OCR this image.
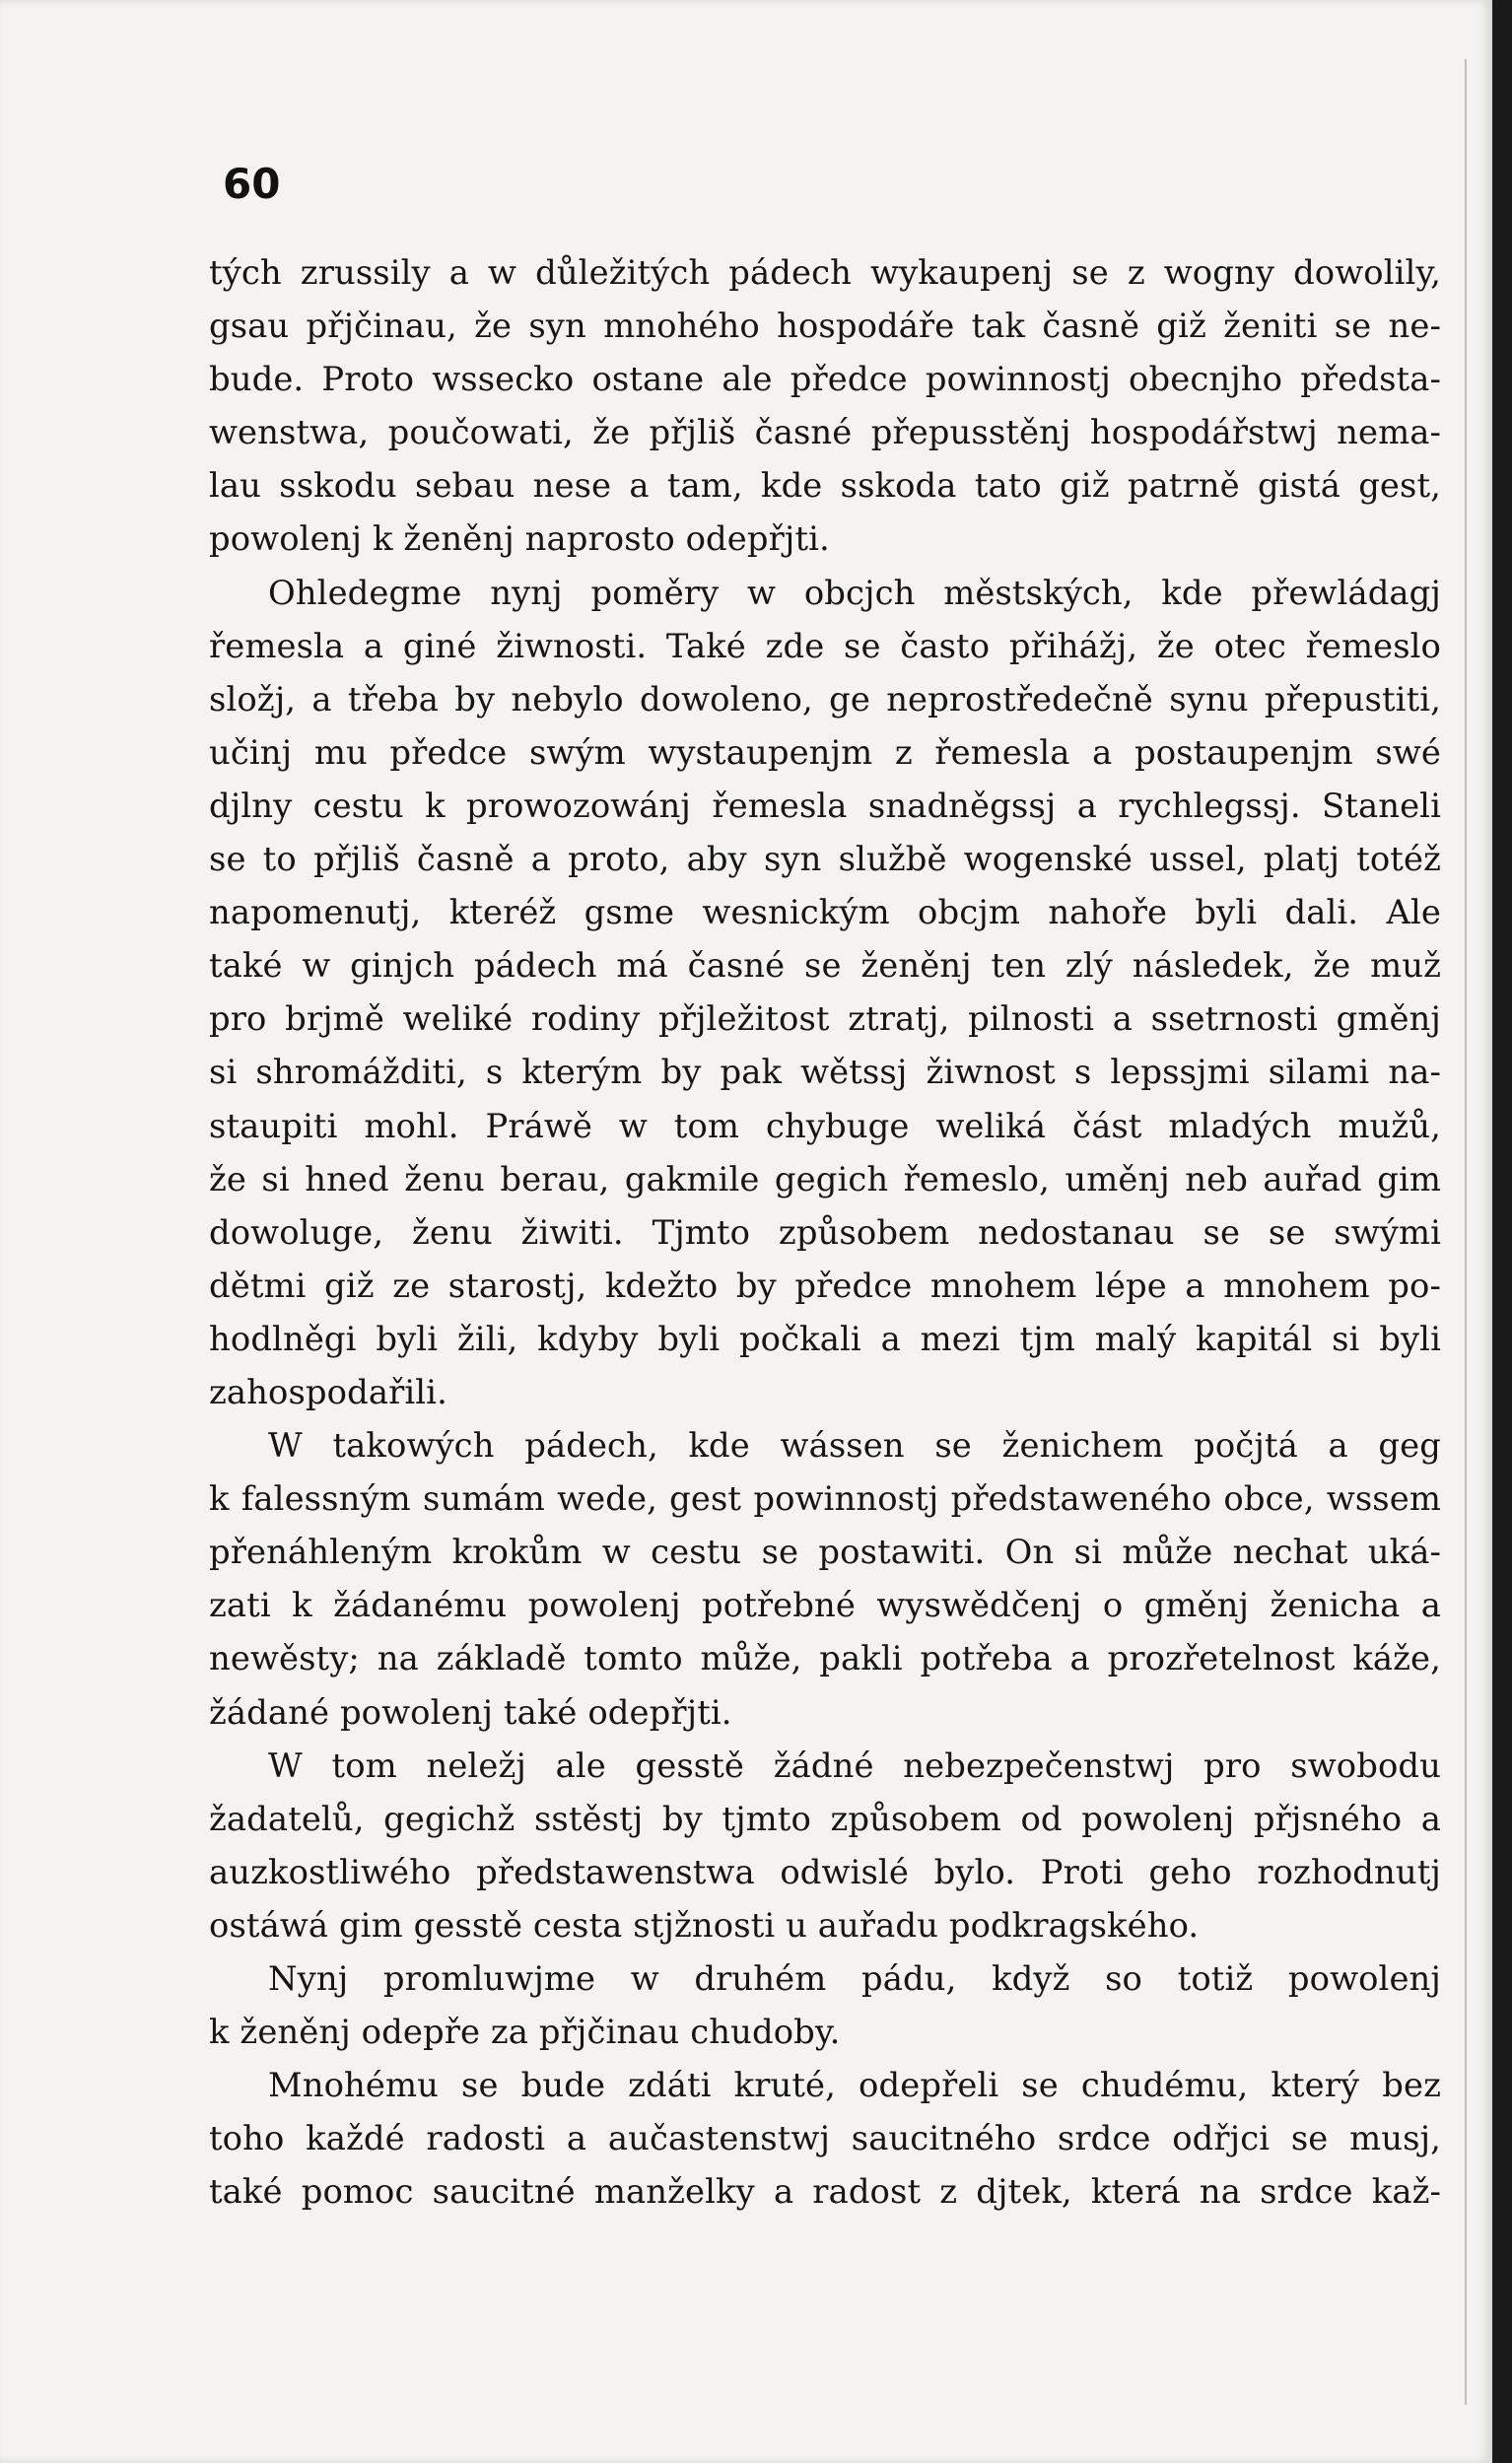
60
tých zrussily a w důležitých pádech wykaupenj se z wogny dowolily,
gsau přjčinau, že syn mnohého hospodáře tak časně giž ženiti se ne-
bude. Proto wssecko ostane ale předce powinnostj obecnjho předsta-
wenstwa, poučowati, že přjliš časné přepusstěnj hospodářstwj nema-
lau sskodu sebau nese a tam, kde sskoda tato giž patrně gistá gest,
powolenj k ženěnj naprosto odepřjti.
Ohledegme nynj poměry w obcjch městských, kde přewládagj
řemesla a giné žiwnosti. Také zde se často přihážj, že otec řemeslo
složj, a třeba by nebylo dowoleno, ge neprostředečně synu přepustiti,
učinj mu předce swým wystaupenjm z řemesla a postaupenjm swé
djlny cestu k prowozowánj řemesla snadněgssj a rychlegssj. Staneli
se to přjliš časně a proto, aby syn službě wogenské ussel, platj totéž
napomenutj, kteréž gsme wesnickým obcjm nahoře byli dali. Ale
také w ginjch pádech má časné se ženěnj ten zlý následek, že muž
pro brjmě weliké rodiny přjležitost ztratj, pilnosti a ssetrnosti gměnj
si shromážditi, s kterým by pak wětssj žiwnost s lepssjmi silami na-
staupiti mohl. Práwě w tom chybuge weliká část mladých mužů,
že si hned ženu berau, gakmile gegich řemeslo, uměnj neb auřad gim
dowoluge, ženu žiwiti. Tjmto způsobem nedostanau se se swými
dětmi giž ze starostj, kdežto by předce mnohem lépe a mnohem po-
hodlněgi byli žili, kdyby byli počkali a mezi tjm malý kapitál si byli
zahospodařili.
W takowých pádech, kde wássen se ženichem počjtá a geg
k falessným sumám wede, gest powinnostj předstaweného obce, wssem
přenáhleným krokům w cestu se postawiti. On si může nechat uká-
zati k žádanému powolenj potřebné wyswědčenj o gměnj ženicha a
newěsty; na základě tomto může, pakli potřeba a prozřetelnost káže,
žádané powolenj také odepřjti.
W tom neležj ale gesstě žádné nebezpečenstwj pro swobodu
žadatelů, gegichž sstěstj by tjmto způsobem od powolenj přjsného a
auzkostliwého předstawenstwa odwislé bylo. Proti geho rozhodnutj
ostáwá gim gesstě cesta stjžnosti u auřadu podkragského.
Nynj promluwjme w druhém pádu, když so totiž powolenj
k ženěnj odepře za přjčinau chudoby.
Mnohému se bude zdáti kruté, odepřeli se chudému, který bez
toho každé radosti a aučastenstwj saucitného srdce odřjci se musj,
také pomoc saucitné manželky a radost z djtek, která na srdce kaž-
